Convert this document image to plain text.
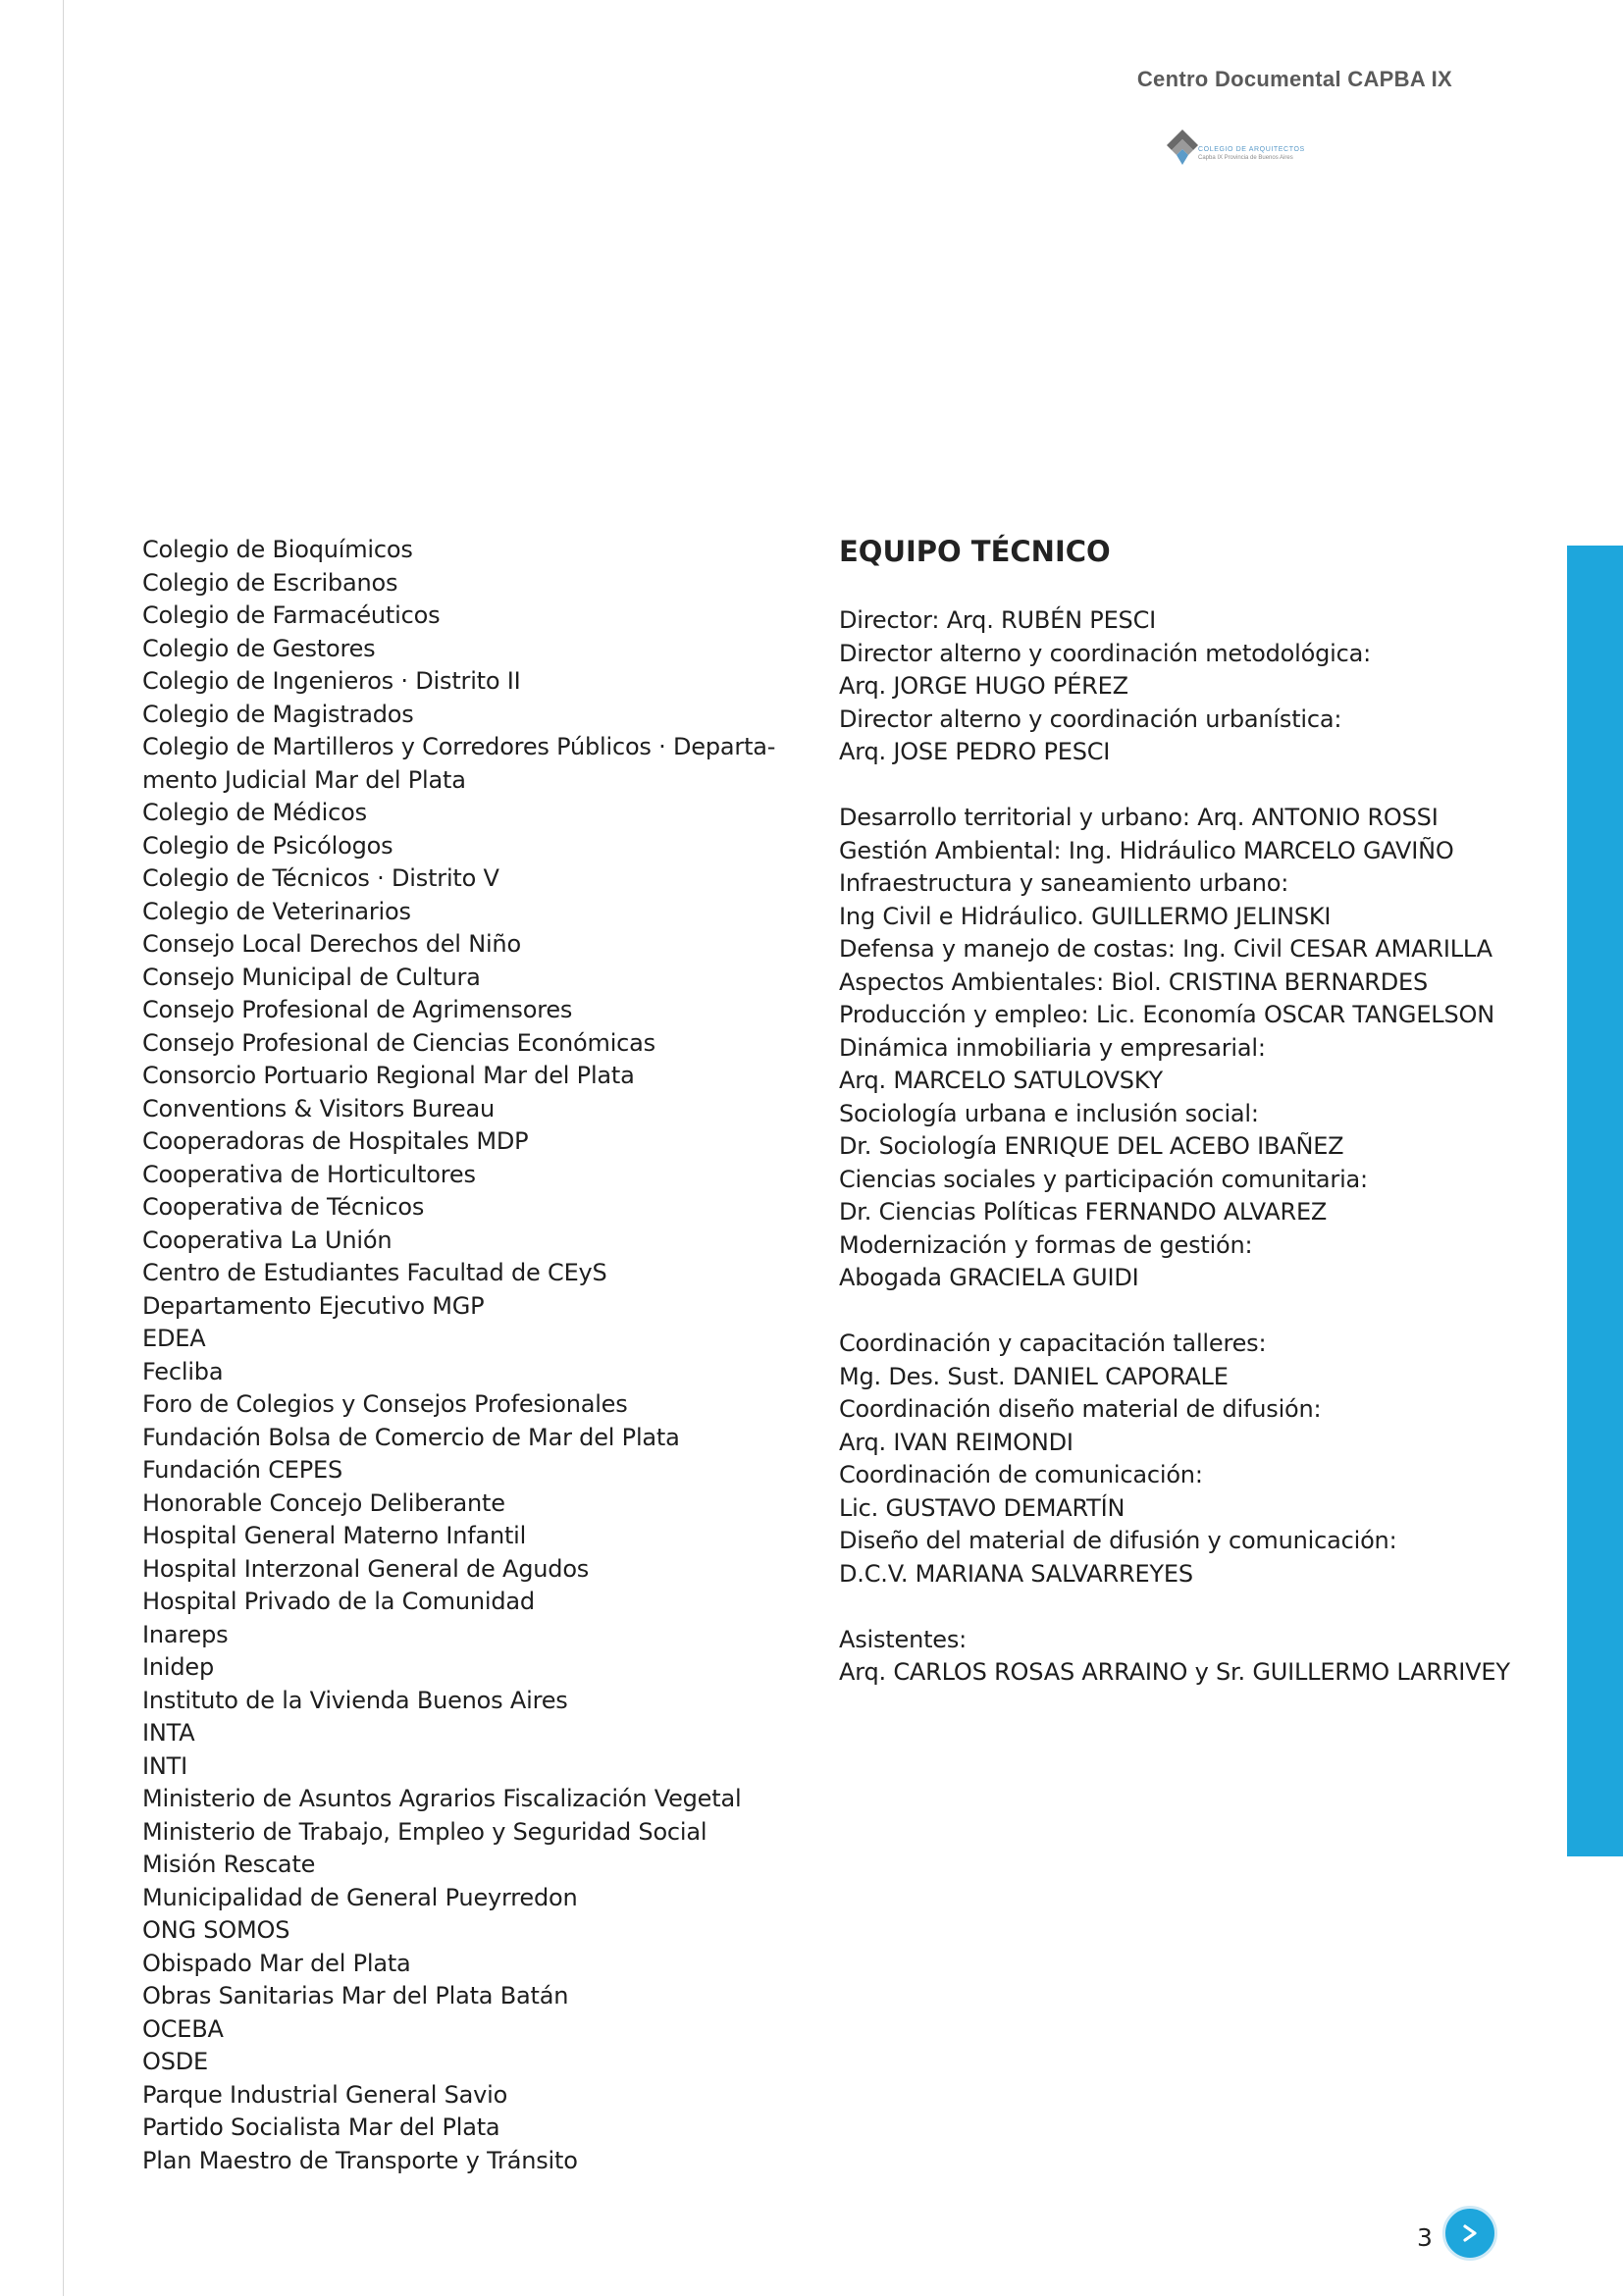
Centro Documental CAPBA IX
COLEGIO DE ARQUITECTOS
Capba IX Provincia de Buenos Aires
Colegio de Bioquímicos
Colegio de Escribanos
Colegio de Farmacéuticos
Colegio de Gestores
Colegio de Ingenieros · Distrito II
Colegio de Magistrados
Colegio de Martilleros y Corredores Públicos · Departa-
mento Judicial Mar del Plata
Colegio de Médicos
Colegio de Psicólogos
Colegio de Técnicos · Distrito V
Colegio de Veterinarios
Consejo Local Derechos del Niño
Consejo Municipal de Cultura
Consejo Profesional de Agrimensores
Consejo Profesional de Ciencias Económicas
Consorcio Portuario Regional Mar del Plata
Conventions & Visitors Bureau
Cooperadoras de Hospitales MDP
Cooperativa de Horticultores
Cooperativa de Técnicos
Cooperativa La Unión
Centro de Estudiantes Facultad de CEyS
Departamento Ejecutivo MGP
EDEA
Fecliba
Foro de Colegios y Consejos Profesionales
Fundación Bolsa de Comercio de Mar del Plata
Fundación CEPES
Honorable Concejo Deliberante
Hospital General Materno Infantil
Hospital Interzonal General de Agudos
Hospital Privado de la Comunidad
Inareps
Inidep
Instituto de la Vivienda Buenos Aires
INTA
INTI
Ministerio de Asuntos Agrarios Fiscalización Vegetal
Ministerio de Trabajo, Empleo y Seguridad Social
Misión Rescate
Municipalidad de General Pueyrredon
ONG SOMOS
Obispado Mar del Plata
Obras Sanitarias Mar del Plata Batán
OCEBA
OSDE
Parque Industrial General Savio
Partido Socialista Mar del Plata
Plan Maestro de Transporte y Tránsito
EQUIPO TÉCNICO
Director: Arq. RUBÉN PESCI
Director alterno y coordinación metodológica:
Arq. JORGE HUGO PÉREZ
Director alterno y coordinación urbanística:
Arq. JOSE PEDRO PESCI
Desarrollo territorial y urbano: Arq. ANTONIO ROSSI
Gestión Ambiental: Ing. Hidráulico MARCELO GAVIÑO
Infraestructura y saneamiento urbano:
Ing Civil e Hidráulico. GUILLERMO JELINSKI
Defensa y manejo de costas: Ing. Civil CESAR AMARILLA
Aspectos Ambientales: Biol. CRISTINA BERNARDES
Producción y empleo: Lic. Economía OSCAR TANGELSON
Dinámica inmobiliaria y empresarial:
Arq. MARCELO SATULOVSKY
Sociología urbana e inclusión social:
Dr. Sociología ENRIQUE DEL ACEBO IBAÑEZ
Ciencias sociales y participación comunitaria:
Dr. Ciencias Políticas FERNANDO ALVAREZ
Modernización y formas de gestión:
Abogada GRACIELA GUIDI
Coordinación y capacitación talleres:
Mg. Des. Sust. DANIEL CAPORALE
Coordinación diseño material de difusión:
Arq. IVAN REIMONDI
Coordinación de comunicación:
Lic. GUSTAVO DEMARTÍN
Diseño del material de difusión y comunicación:
D.C.V. MARIANA SALVARREYES
Asistentes:
Arq. CARLOS ROSAS ARRAINO y Sr. GUILLERMO LARRIVEY
3
